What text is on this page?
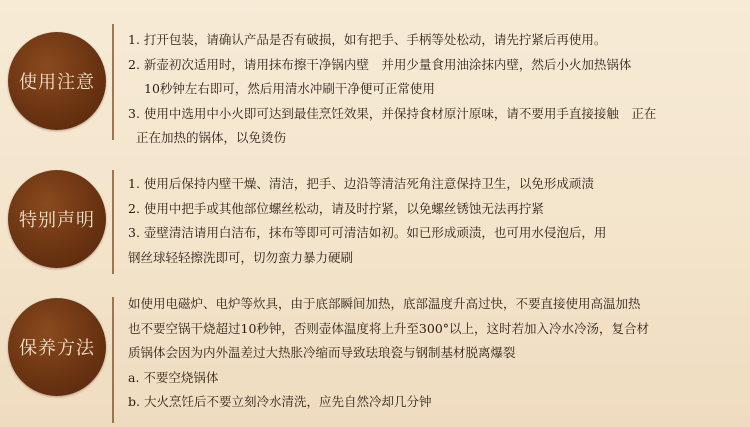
使用注意
1. 打开包装，请确认产品是否有破损，如有把手、手柄等处松动，请先拧紧后再使用。
2. 新壶初次适用时，请用抹布擦干净锅内壁　并用少量食用油涂抹内壁，然后小火加热锅体
10秒钟左右即可，然后用清水冲刷干净便可正常使用
3. 使用中选用中小火即可达到最佳烹饪效果，并保持食材原汁原味，请不要用手直接接触　正在
正在加热的锅体，以免烫伤
特别声明
1. 使用后保持内壁干燥、清洁，把手、边沿等清洁死角注意保持卫生，以免形成顽渍
2. 使用中把手或其他部位螺丝松动，请及时拧紧，以免螺丝锈蚀无法再拧紧
3. 壶壁清洁请用白洁布，抹布等即可可清洁如初。如已形成顽渍，也可用水侵泡后，用
钢丝球轻轻擦洗即可，切勿蛮力暴力硬刷
保养方法
如使用电磁炉、电炉等炊具，由于底部瞬间加热，底部温度升高过快，不要直接使用高温加热
也不要空锅干烧超过10秒钟，否则壶体温度将上升至300°以上，这时若加入冷水冷汤，复合材
质锅体会因为内外温差过大热胀冷缩而导致珐琅瓷与钢制基材脱离爆裂
a. 不要空烧锅体
b. 大火烹饪后不要立刻冷水清洗，应先自然冷却几分钟
